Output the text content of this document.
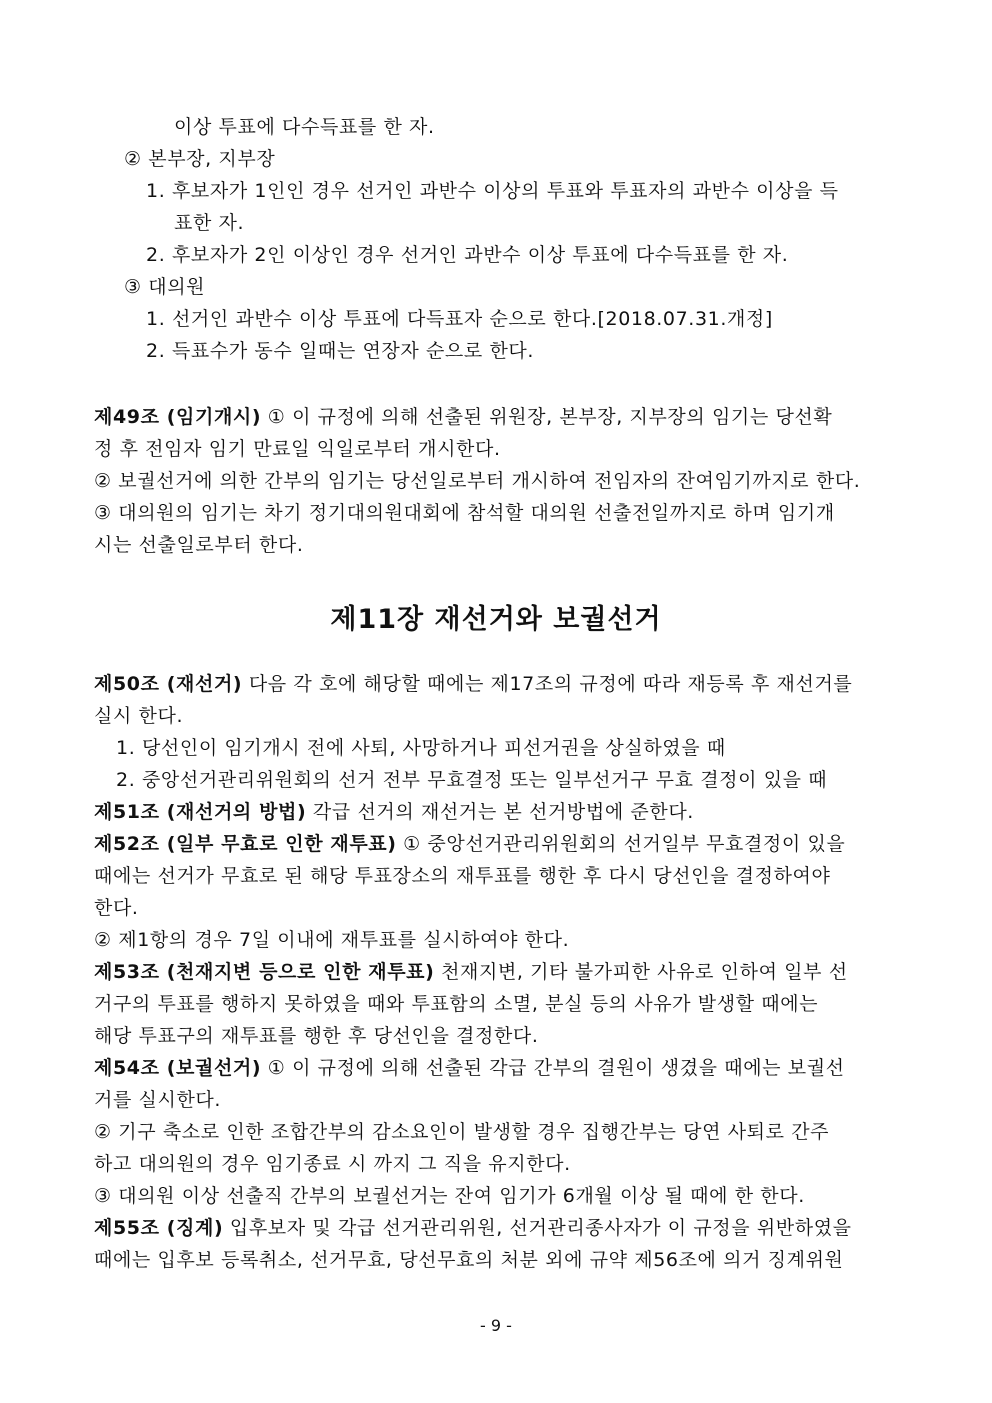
이상 투표에 다수득표를 한 자.
② 본부장, 지부장
1. 후보자가 1인인 경우 선거인 과반수 이상의 투표와 투표자의 과반수 이상을 득
표한 자.
2. 후보자가 2인 이상인 경우 선거인 과반수 이상 투표에 다수득표를 한 자.
③ 대의원
1. 선거인 과반수 이상 투표에 다득표자 순으로 한다.[2018.07.31.개정]
2. 득표수가 동수 일때는 연장자 순으로 한다.
제49조 (임기개시) ① 이 규정에 의해 선출된 위원장, 본부장, 지부장의 임기는 당선확
정 후 전임자 임기 만료일 익일로부터 개시한다.
② 보궐선거에 의한 간부의 임기는 당선일로부터 개시하여 전임자의 잔여임기까지로 한다.
③ 대의원의 임기는 차기 정기대의원대회에 참석할 대의원 선출전일까지로 하며 임기개
시는 선출일로부터 한다.
제11장 재선거와 보궐선거
제50조 (재선거) 다음 각 호에 해당할 때에는 제17조의 규정에 따라 재등록 후 재선거를
실시 한다.
1. 당선인이 임기개시 전에 사퇴, 사망하거나 피선거권을 상실하였을 때
2. 중앙선거관리위원회의 선거 전부 무효결정 또는 일부선거구 무효 결정이 있을 때
제51조 (재선거의 방법) 각급 선거의 재선거는 본 선거방법에 준한다.
제52조 (일부 무효로 인한 재투표) ① 중앙선거관리위원회의 선거일부 무효결정이 있을
때에는 선거가 무효로 된 해당 투표장소의 재투표를 행한 후 다시 당선인을 결정하여야
한다.
② 제1항의 경우 7일 이내에 재투표를 실시하여야 한다.
제53조 (천재지변 등으로 인한 재투표) 천재지변, 기타 불가피한 사유로 인하여 일부 선
거구의 투표를 행하지 못하였을 때와 투표함의 소멸, 분실 등의 사유가 발생할 때에는
해당 투표구의 재투표를 행한 후 당선인을 결정한다.
제54조 (보궐선거) ① 이 규정에 의해 선출된 각급 간부의 결원이 생겼을 때에는 보궐선
거를 실시한다.
② 기구 축소로 인한 조합간부의 감소요인이 발생할 경우 집행간부는 당연 사퇴로 간주
하고 대의원의 경우 임기종료 시 까지 그 직을 유지한다.
③ 대의원 이상 선출직 간부의 보궐선거는 잔여 임기가 6개월 이상 될 때에 한 한다.
제55조 (징계) 입후보자 및 각급 선거관리위원, 선거관리종사자가 이 규정을 위반하였을
때에는 입후보 등록취소, 선거무효, 당선무효의 처분 외에 규약 제56조에 의거 징계위원
- 9 -
